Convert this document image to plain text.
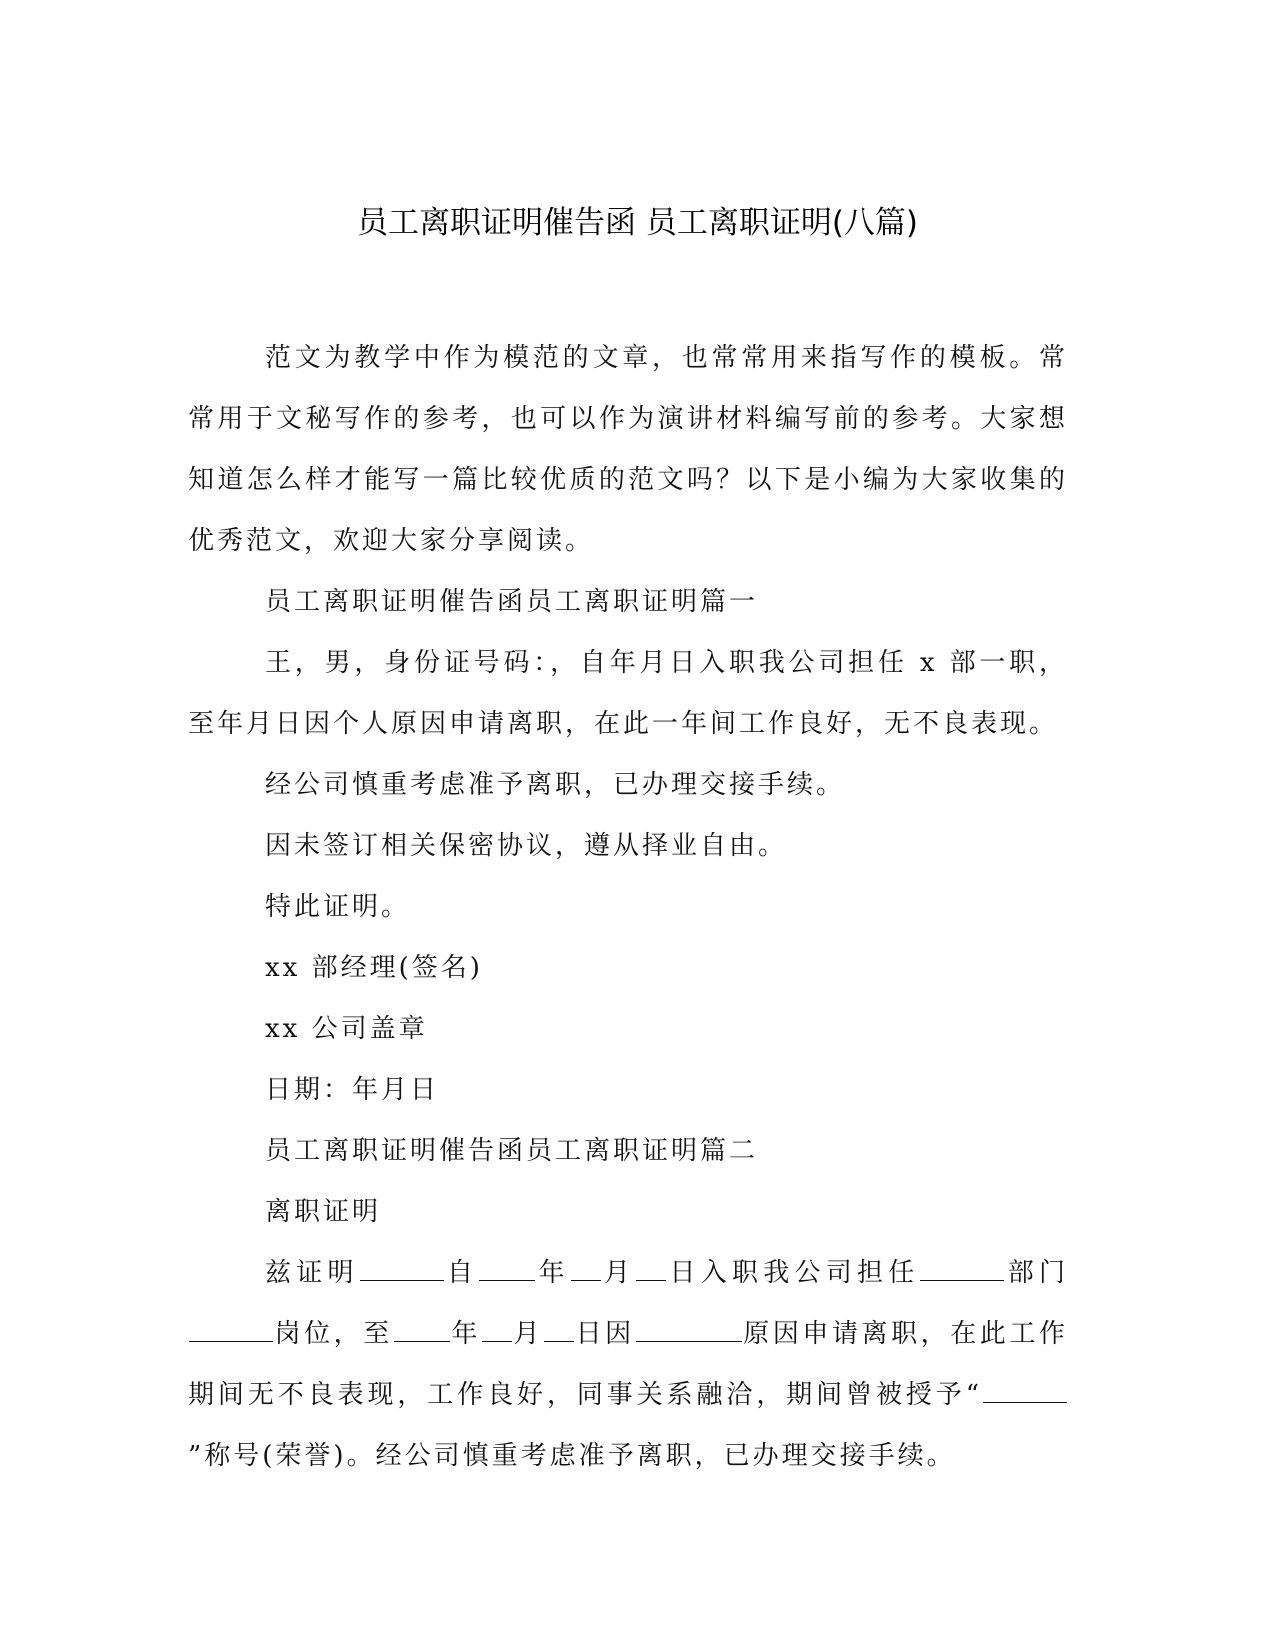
员工离职证明催告函 员工离职证明(八篇)

范文为教学中作为模范的文章，也常常用来指写作的模板。常常用于文秘写作的参考，也可以作为演讲材料编写前的参考。大家想知道怎么样才能写一篇比较优质的范文吗？以下是小编为大家收集的优秀范文，欢迎大家分享阅读。

员工离职证明催告函员工离职证明篇一

王，男，身份证号码：，自年月日入职我公司担任 x 部一职，至年月日因个人原因申请离职，在此一年间工作良好，无不良表现。

经公司慎重考虑准予离职，已办理交接手续。

因未签订相关保密协议，遵从择业自由。

特此证明。

xx 部经理(签名)

xx 公司盖章

日期：年月日

员工离职证明催告函员工离职证明篇二

离职证明

兹证明	自 年 月 日入职我公司担任	部门岗位，至 年 月 日因	原因申请离职，在此工作期间无不良表现，工作良好，同事关系融洽，期间曾被授予“”称号(荣誉)。经公司慎重考虑准予离职，已办理交接手续。
